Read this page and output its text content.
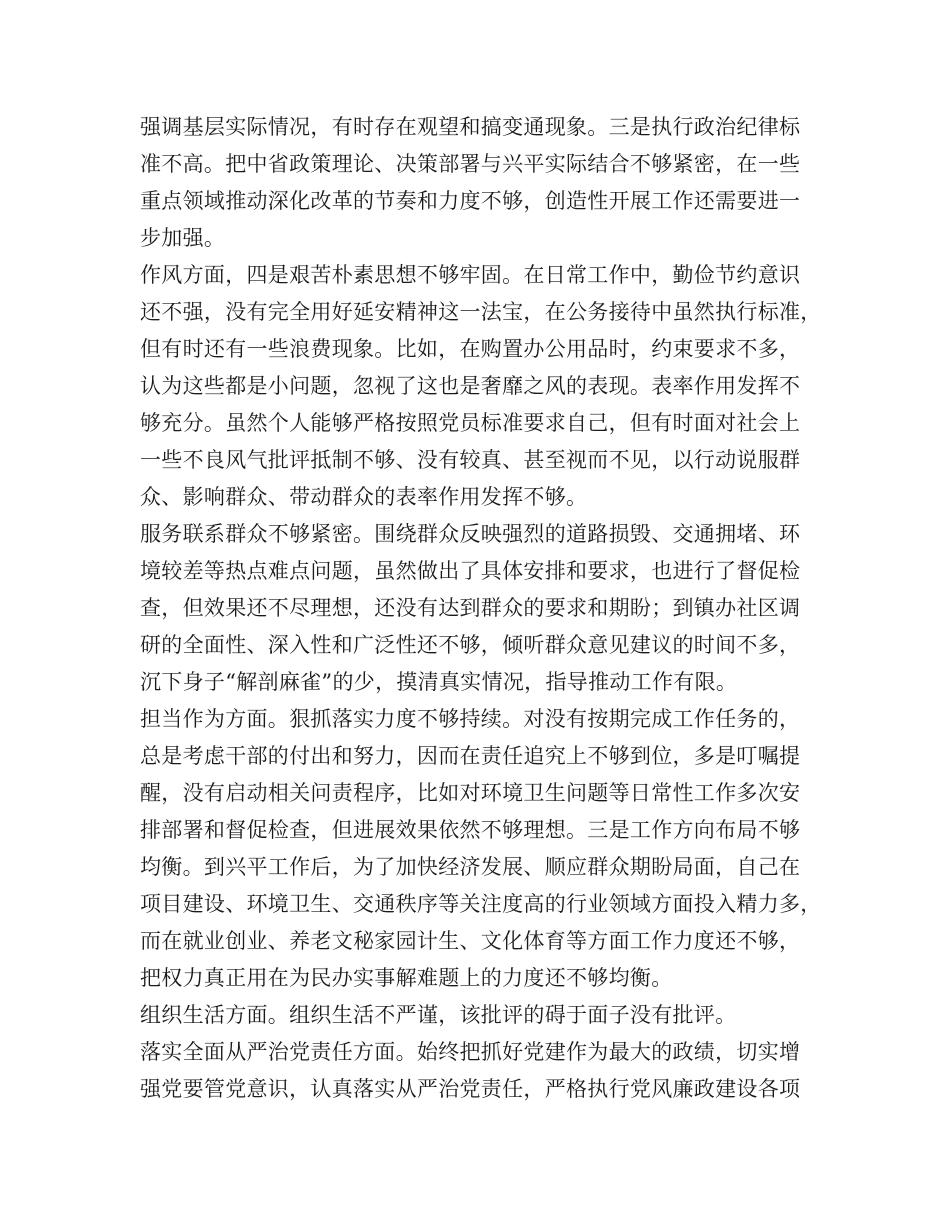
强调基层实际情况，有时存在观望和搞变通现象。三是执行政治纪律标
准不高。把中省政策理论、决策部署与兴平实际结合不够紧密，在一些
重点领域推动深化改革的节奏和力度不够，创造性开展工作还需要进一
步加强。
作风方面，四是艰苦朴素思想不够牢固。在日常工作中，勤俭节约意识
还不强，没有完全用好延安精神这一法宝，在公务接待中虽然执行标准，
但有时还有一些浪费现象。比如，在购置办公用品时，约束要求不多，
认为这些都是小问题，忽视了这也是奢靡之风的表现。表率作用发挥不
够充分。虽然个人能够严格按照党员标准要求自己，但有时面对社会上
一些不良风气批评抵制不够、没有较真、甚至视而不见，以行动说服群
众、影响群众、带动群众的表率作用发挥不够。
服务联系群众不够紧密。围绕群众反映强烈的道路损毁、交通拥堵、环
境较差等热点难点问题，虽然做出了具体安排和要求，也进行了督促检
查，但效果还不尽理想，还没有达到群众的要求和期盼；到镇办社区调
研的全面性、深入性和广泛性还不够，倾听群众意见建议的时间不多，
沉下身子“解剖麻雀”的少，摸清真实情况，指导推动工作有限。
担当作为方面。狠抓落实力度不够持续。对没有按期完成工作任务的，
总是考虑干部的付出和努力，因而在责任追究上不够到位，多是叮嘱提
醒，没有启动相关问责程序，比如对环境卫生问题等日常性工作多次安
排部署和督促检查，但进展效果依然不够理想。三是工作方向布局不够
均衡。到兴平工作后，为了加快经济发展、顺应群众期盼局面，自己在
项目建设、环境卫生、交通秩序等关注度高的行业领域方面投入精力多，
而在就业创业、养老文秘家园计生、文化体育等方面工作力度还不够，
把权力真正用在为民办实事解难题上的力度还不够均衡。
组织生活方面。组织生活不严谨，该批评的碍于面子没有批评。
落实全面从严治党责任方面。始终把抓好党建作为最大的政绩，切实增
强党要管党意识，认真落实从严治党责任，严格执行党风廉政建设各项
